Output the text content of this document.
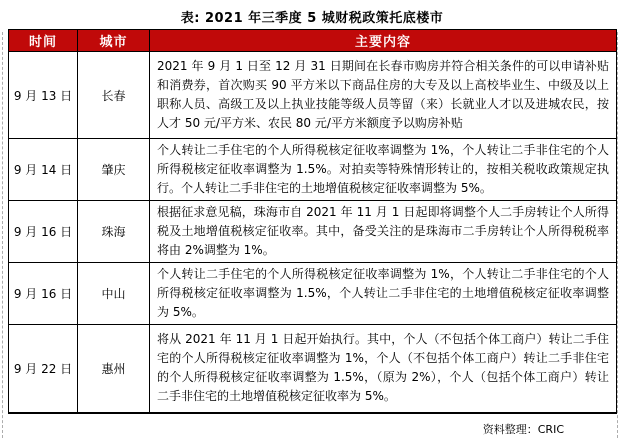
表: 2021 年三季度 5 城财税政策托底楼市
时间	城市	主要内容
9 月 13 日	长春	2021 年 9 月 1 日至 12 月 31 日期间在长春市购房并符合相关条件的可以申请补贴和消费券，首次购买 90 平方米以下商品住房的大专及以上高校毕业生、中级及以上职称人员、高级工及以上执业技能等级人员等留（来）长就业人才以及进城农民，按人才 50 元/平方米、农民 80 元/平方米额度予以购房补贴
9 月 14 日	肇庆	个人转让二手住宅的个人所得税核定征收率调整为 1%，个人转让二手非住宅的个人所得税核定征收率调整为 1.5%。对拍卖等特殊情形转让的，按相关税收政策规定执行。个人转让二手非住宅的土地增值税核定征收率调整为 5%。
9 月 16 日	珠海	根据征求意见稿，珠海市自 2021 年 11 月 1 日起即将调整个人二手房转让个人所得税及土地增值税核定征收率。其中，备受关注的是珠海市二手房转让个人所得税税率将由 2%调整为 1%。
9 月 16 日	中山	个人转让二手住宅的个人所得税核定征收率调整为 1%，个人转让二手非住宅的个人所得税核定征收率调整为 1.5%，个人转让二手非住宅的土地增值税核定征收率调整为 5%。
9 月 22 日	惠州	将从 2021 年 11 月 1 日起开始执行。其中，个人（不包括个体工商户）转让二手住宅的个人所得税核定征收率调整为 1%，个人（不包括个体工商户）转让二手非住宅的个人所得税核定征收率调整为 1.5%，（原为 2%），个人（包括个体工商户）转让二手非住宅的土地增值税核定征收率为 5%。
资料整理：CRIC
